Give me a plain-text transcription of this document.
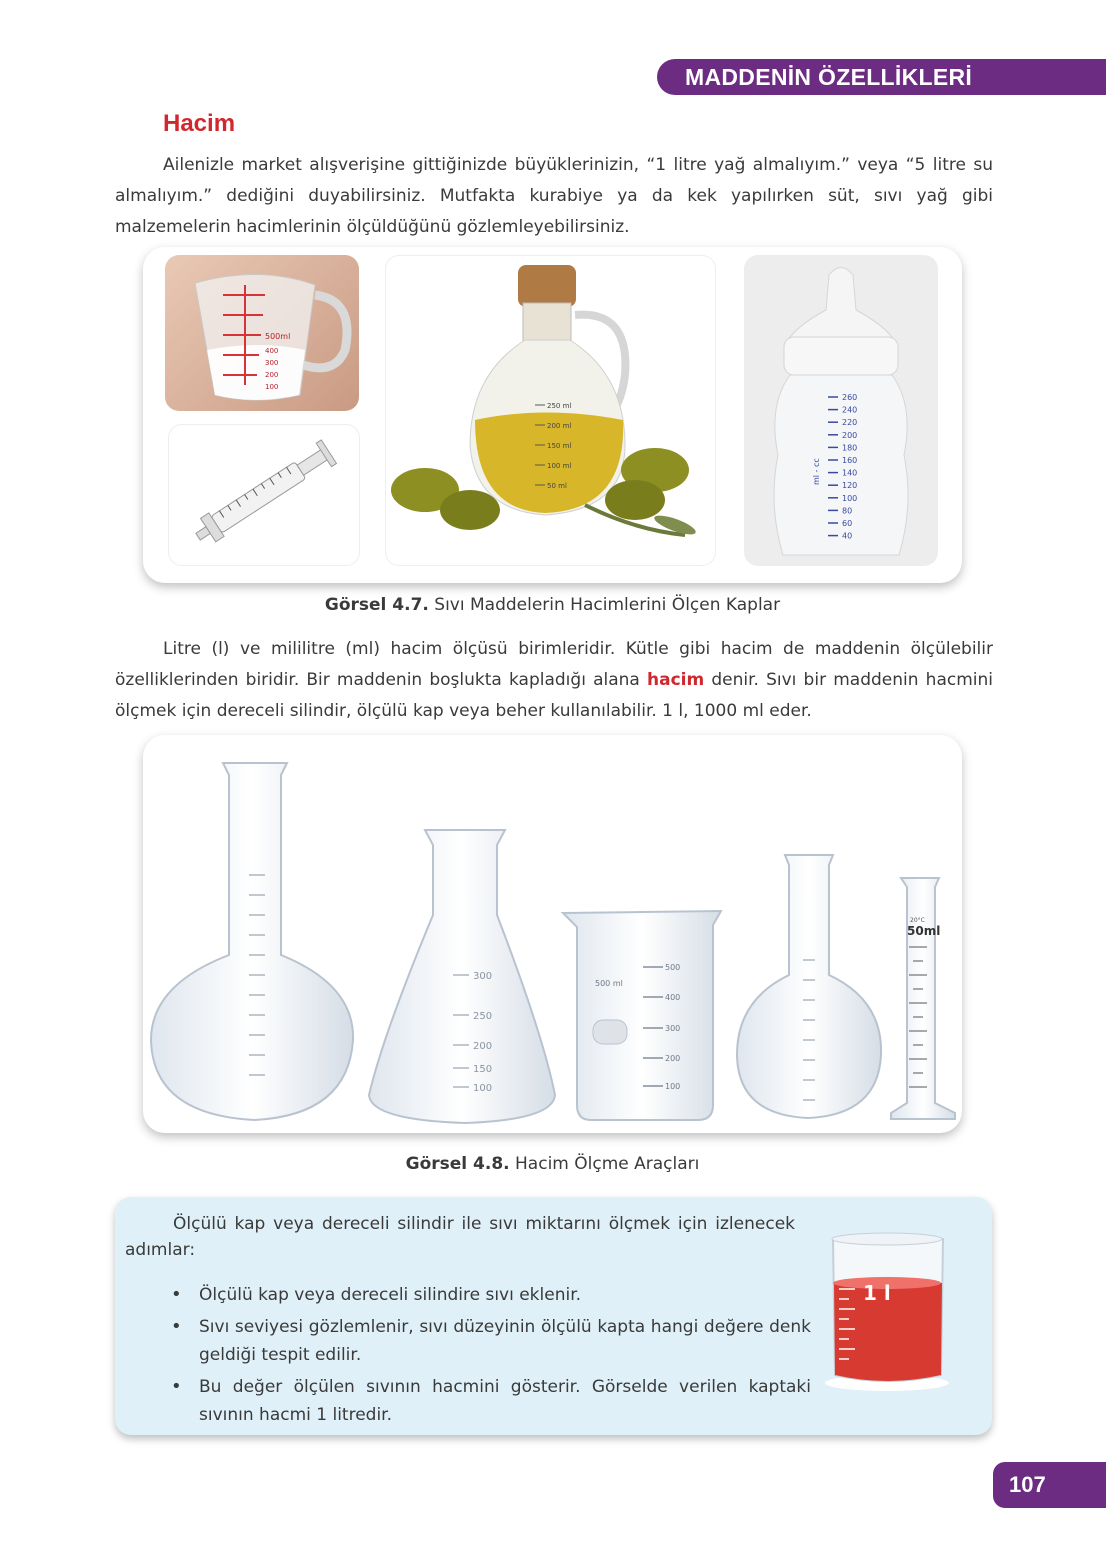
MADDENİN ÖZELLİKLERİ
Hacim

Ailenizle market alışverişine gittiğinizde büyüklerinizin, “1 litre yağ almalıyım.” veya “5 litre su almalıyım.” dediğini duyabilirsiniz. Mutfakta kurabiye ya da kek yapılırken süt, sıvı yağ gibi malzemelerin hacimlerinin ölçüldüğünü gözlemleyebilirsiniz.

500ml
400
300
200
100
250 ml
200 ml
150 ml
100 ml
50 ml
ml - cc
260
240
220
200
180
160
140
120
100
80
60
40
Görsel 4.7. Sıvı Maddelerin Hacimlerini Ölçen Kaplar

Litre (l) ve mililitre (ml) hacim ölçüsü birimleridir. Kütle gibi hacim de maddenin ölçülebilir özelliklerinden biridir. Bir maddenin boşlukta kapladığı alana hacim denir. Sıvı bir maddenin hacmini ölçmek için dereceli silindir, ölçülü kap veya beher kullanılabilir. 1 l, 1000 ml eder.

300
250
200
150
100
500 ml
500
400
300
200
100
20°C
50ml
Görsel 4.8. Hacim Ölçme Araçları
Ölçülü kap veya dereceli silindir ile sıvı miktarını ölçmek için izlenecek adımlar:
• Ölçülü kap veya dereceli silindire sıvı eklenir.
• Sıvı seviyesi gözlemlenir, sıvı düzeyinin ölçülü kapta hangi değere denk geldiği tespit edilir.
• Bu değer ölçülen sıvının hacmini gösterir. Görselde verilen kaptaki sıvının hacmi 1 litredir.
1 l
107
